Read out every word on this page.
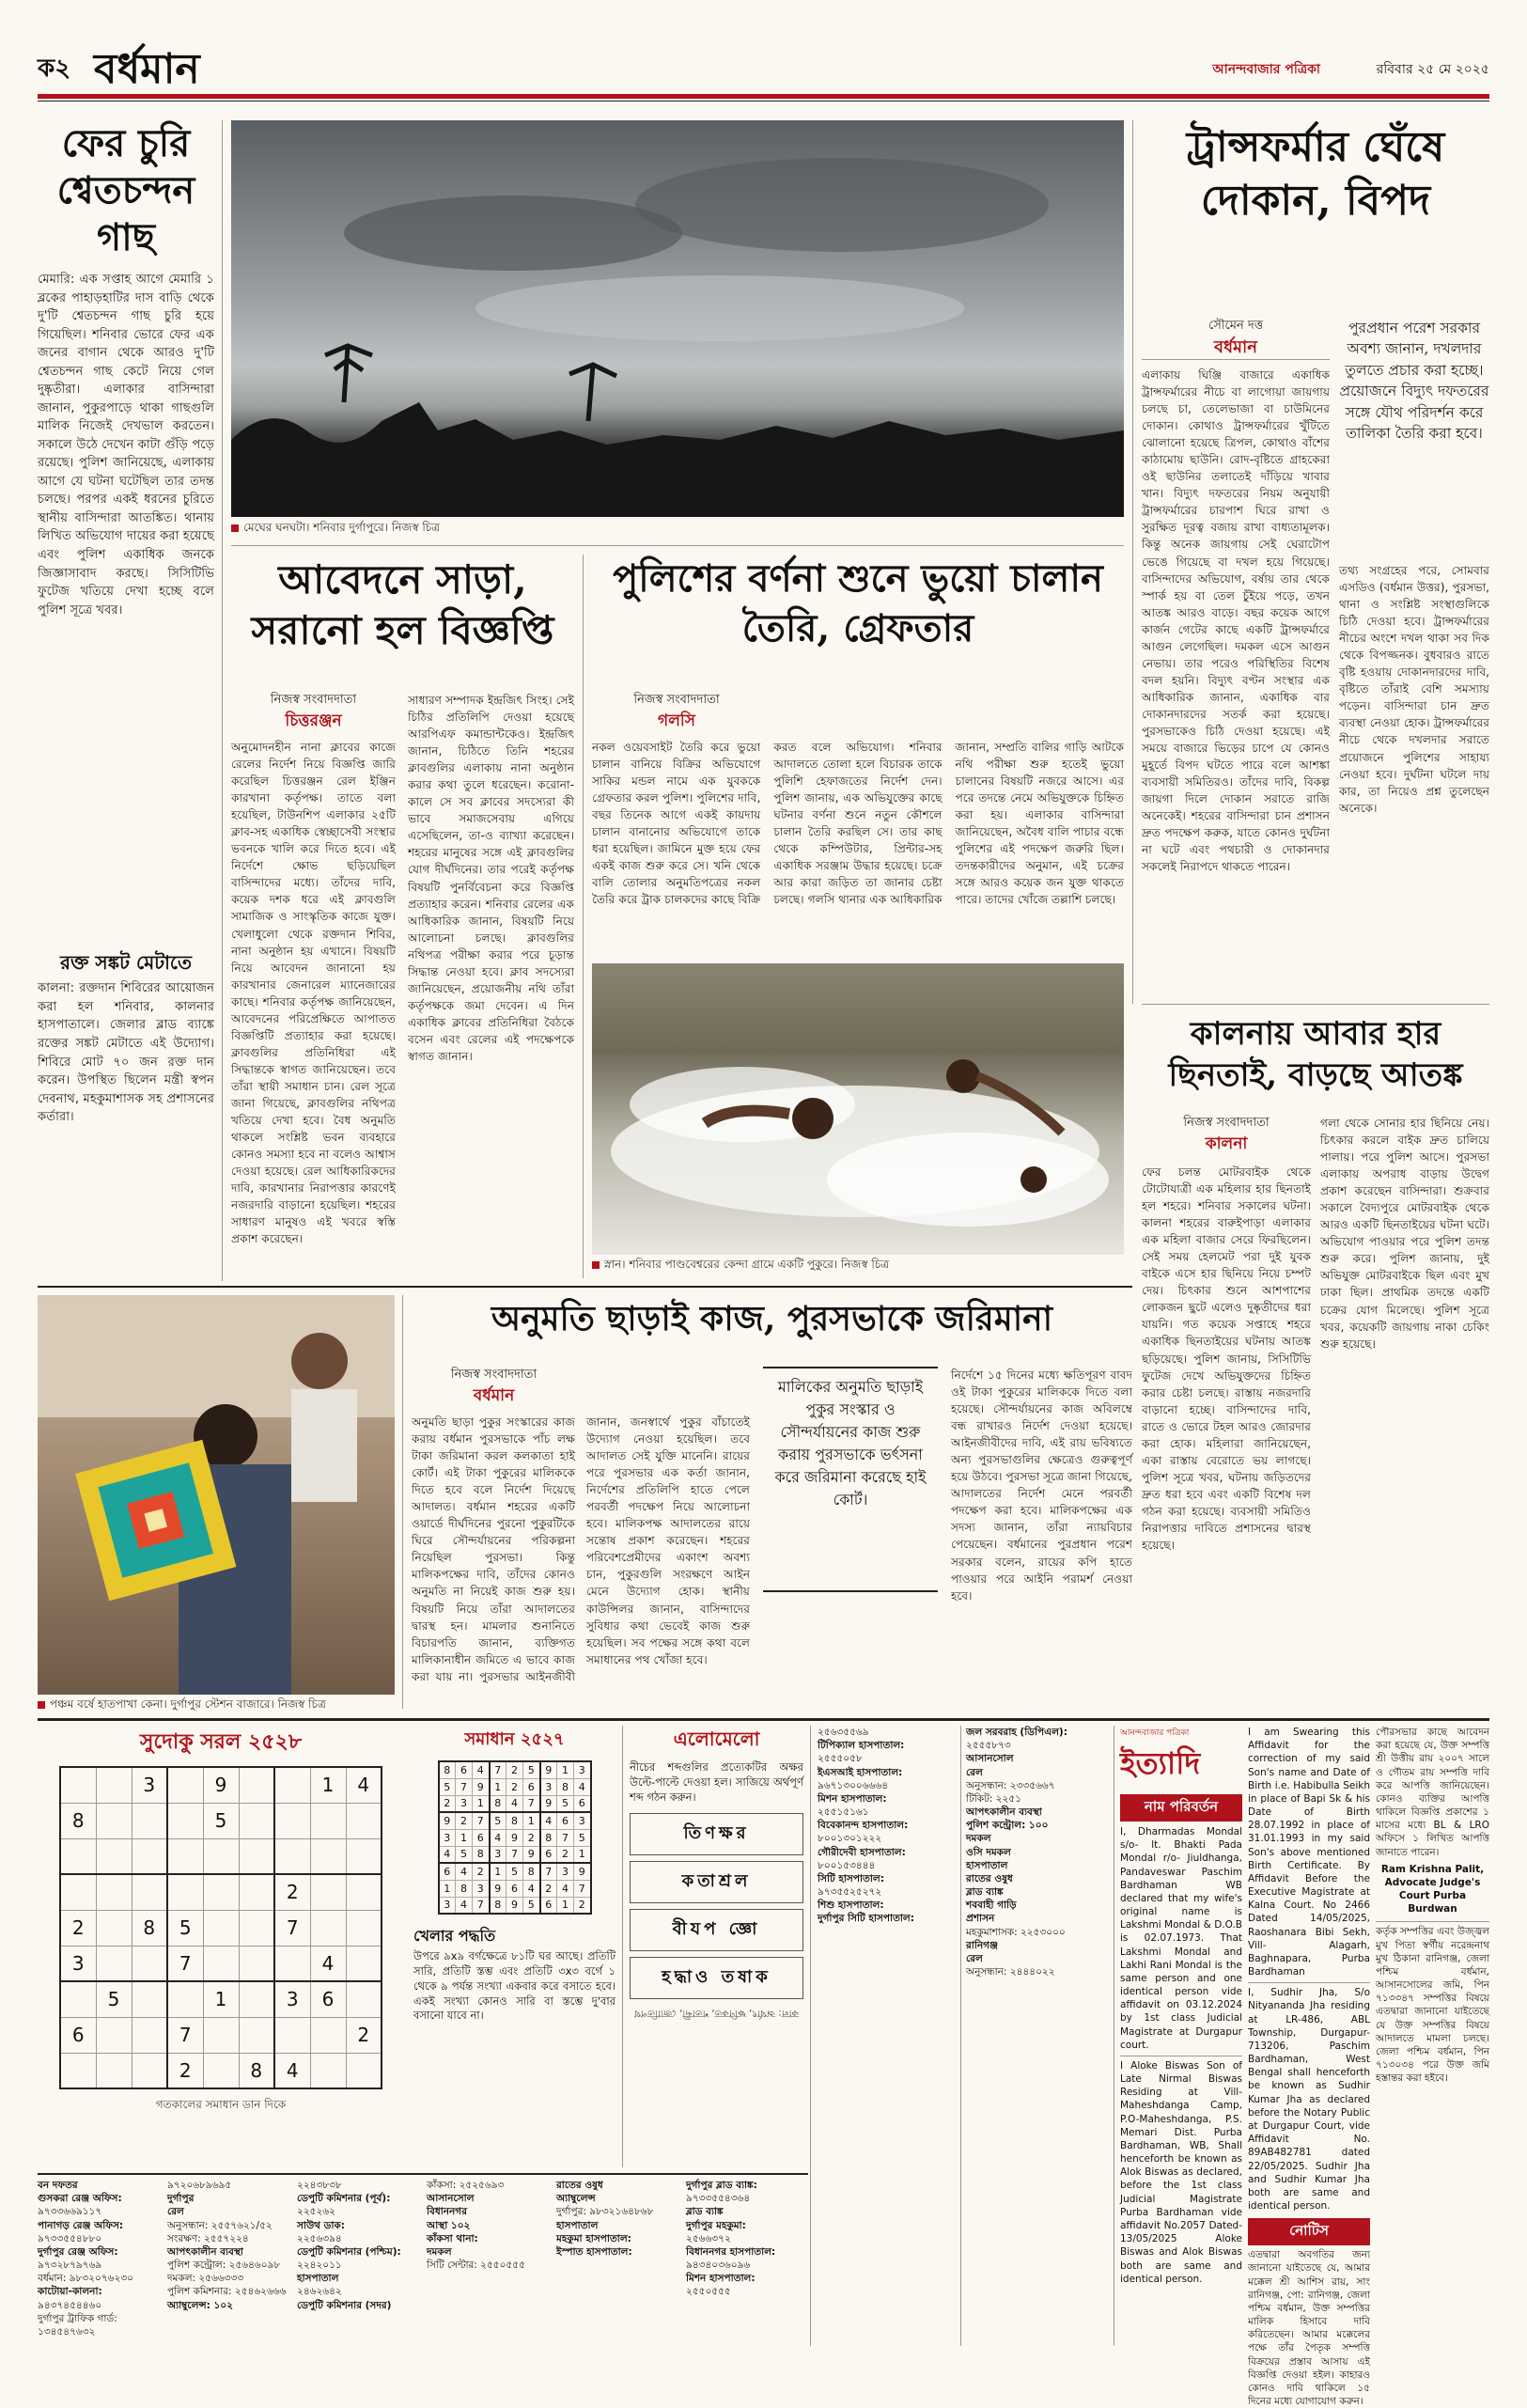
ক২ বর্ধমান	আনন্দবাজার পত্রিকা	রবিবার ২৫ মে ২০২৫
ফের চুরি শ্বেতচন্দন গাছ
মেমারি: এক সপ্তাহ আগে মেমারি ১ ব্লকের পাহাড়হাটির দাস বাড়ি থেকে দু'টি শ্বেতচন্দন গাছ চুরি হয়ে গিয়েছিল। শনিবার ভোরে ফের এক জনের বাগান থেকে আরও দু'টি শ্বেতচন্দন গাছ কেটে নিয়ে গেল দুষ্কৃতীরা। এলাকার বাসিন্দারা জানান, পুকুরপাড়ে থাকা গাছগুলি মালিক নিজেই দেখভাল করতেন। সকালে উঠে দেখেন কাটা গুঁড়ি পড়ে রয়েছে। পুলিশ জানিয়েছে, এলাকায় আগে যে ঘটনা ঘটেছিল তার তদন্ত চলছে। পরপর একই ধরনের চুরিতে স্থানীয় বাসিন্দারা আতঙ্কিত। থানায় লিখিত অভিযোগ দায়ের করা হয়েছে এবং পুলিশ একাধিক জনকে জিজ্ঞাসাবাদ করছে। সিসিটিভি ফুটেজ খতিয়ে দেখা হচ্ছে বলে পুলিশ সূত্রে খবর।
রক্ত সঙ্কট মেটাতে
কালনা: রক্তদান শিবিরের আয়োজন করা হল শনিবার, কালনার হাসপাতালে। জেলার ব্লাড ব্যাঙ্কে রক্তের সঙ্কট মেটাতে এই উদ্যোগ। শিবিরে মোট ৭০ জন রক্ত দান করেন। উপস্থিত ছিলেন মন্ত্রী স্বপন দেবনাথ, মহকুমাশাসক সহ প্রশাসনের কর্তারা।
মেঘের ঘনঘটা। শনিবার দুর্গাপুরে। নিজস্ব চিত্র
ট্রান্সফর্মার ঘেঁষে দোকান, বিপদ
সৌমেন দত্ত
বর্ধমান
পুরপ্রধান পরেশ সরকার অবশ্য জানান, দখলদার তুলতে প্রচার করা হচ্ছে। প্রয়োজনে বিদ্যুৎ দফতরের সঙ্গে যৌথ পরিদর্শন করে তালিকা তৈরি করা হবে।
এলাকায় ঘিঞ্জি বাজারে একাধিক ট্রান্সফর্মারের নীচে বা লাগোয়া জায়গায় চলছে চা, তেলেভাজা বা চাউমিনের দোকান। কোথাও ট্রান্সফর্মারের খুঁটিতে ঝোলানো হয়েছে ত্রিপল, কোথাও বাঁশের কাঠামোয় ছাউনি। রোদ-বৃষ্টিতে গ্রাহকেরা ওই ছাউনির তলাতেই দাঁড়িয়ে খাবার খান। বিদ্যুৎ দফতরের নিয়ম অনুযায়ী ট্রান্সফর্মারের চারপাশ ঘিরে রাখা ও সুরক্ষিত দূরত্ব বজায় রাখা বাধ্যতামূলক। কিন্তু অনেক জায়গায় সেই ঘেরাটোপ ভেঙে গিয়েছে বা দখল হয়ে গিয়েছে। বাসিন্দাদের অভিযোগ, বর্ষায় তার থেকে স্পার্ক হয় বা তেল চুঁইয়ে পড়ে, তখন আতঙ্ক আরও বাড়ে। বছর কয়েক আগে কার্জন গেটের কাছে একটি ট্রান্সফর্মারে আগুন লেগেছিল। দমকল এসে আগুন নেভায়। তার পরেও পরিস্থিতির বিশেষ বদল হয়নি। বিদ্যুৎ বণ্টন সংস্থার এক আধিকারিক জানান, একাধিক বার দোকানদারদের সতর্ক করা হয়েছে। পুরসভাকেও চিঠি দেওয়া হয়েছে। এই সময়ে বাজারে ভিড়ের চাপে যে কোনও মুহূর্তে বিপদ ঘটতে পারে বলে আশঙ্কা ব্যবসায়ী সমিতিরও। তাঁদের দাবি, বিকল্প জায়গা দিলে দোকান সরাতে রাজি অনেকেই। শহরের বাসিন্দারা চান প্রশাসন দ্রুত পদক্ষেপ করুক, যাতে কোনও দুর্ঘটনা না ঘটে এবং পথচারী ও দোকানদার সকলেই নিরাপদে থাকতে পারেন।
তথ্য সংগ্রহের পরে, সোমবার এসডিও (বর্ধমান উত্তর), পুরসভা, থানা ও সংশ্লিষ্ট সংস্থাগুলিকে চিঠি দেওয়া হবে। ট্রান্সফর্মারের নীচের অংশে দখল থাকা সব দিক থেকে বিপজ্জনক। বুধবারও রাতে বৃষ্টি হওয়ায় দোকানদারদের দাবি, বৃষ্টিতে তাঁরাই বেশি সমস্যায় পড়েন। বাসিন্দারা চান দ্রুত ব্যবস্থা নেওয়া হোক। ট্রান্সফর্মারের নীচে থেকে দখলদার সরাতে প্রয়োজনে পুলিশের সাহায্য নেওয়া হবে। দুর্ঘটনা ঘটলে দায় কার, তা নিয়েও প্রশ্ন তুলেছেন অনেকে।
আবেদনে সাড়া, সরানো হল বিজ্ঞপ্তি
নিজস্ব সংবাদদাতা
চিত্তরঞ্জন
অনুমোদনহীন নানা ক্লাবের কাজে রেলের নির্দেশ নিয়ে বিজ্ঞপ্তি জারি করেছিল চিত্তরঞ্জন রেল ইঞ্জিন কারখানা কর্তৃপক্ষ। তাতে বলা হয়েছিল, টাউনশিপ এলাকার ২৫টি ক্লাব-সহ একাধিক স্বেচ্ছাসেবী সংস্থার ভবনকে খালি করে দিতে হবে। এই নির্দেশে ক্ষোভ ছড়িয়েছিল বাসিন্দাদের মধ্যে। তাঁদের দাবি, কয়েক দশক ধরে এই ক্লাবগুলি সামাজিক ও সাংস্কৃতিক কাজে যুক্ত। খেলাধুলো থেকে রক্তদান শিবির, নানা অনুষ্ঠান হয় এখানে। বিষয়টি নিয়ে আবেদন জানানো হয় কারখানার জেনারেল ম্যানেজারের কাছে। শনিবার কর্তৃপক্ষ জানিয়েছেন, আবেদনের পরিপ্রেক্ষিতে আপাতত বিজ্ঞপ্তিটি প্রত্যাহার করা হয়েছে। ক্লাবগুলির প্রতিনিধিরা এই সিদ্ধান্তকে স্বাগত জানিয়েছেন। তবে তাঁরা স্থায়ী সমাধান চান। রেল সূত্রে জানা গিয়েছে, ক্লাবগুলির নথিপত্র খতিয়ে দেখা হবে। বৈধ অনুমতি থাকলে সংশ্লিষ্ট ভবন ব্যবহারে কোনও সমস্যা হবে না বলেও আশ্বাস দেওয়া হয়েছে। রেল আধিকারিকদের দাবি, কারখানার নিরাপত্তার কারণেই নজরদারি বাড়ানো হয়েছিল। শহরের সাধারণ মানুষও এই খবরে স্বস্তি প্রকাশ করেছেন।
সাধারণ সম্পাদক ইন্দ্রজিৎ সিংহ। সেই চিঠির প্রতিলিপি দেওয়া হয়েছে আরপিএফ কমান্ডান্টকেও। ইন্দ্রজিৎ জানান, চিঠিতে তিনি শহরের ক্লাবগুলির এলাকায় নানা অনুষ্ঠান করার কথা তুলে ধরেছেন। করোনা-কালে সে সব ক্লাবের সদস্যেরা কী ভাবে সমাজসেবায় এগিয়ে এসেছিলেন, তা-ও ব্যাখ্যা করেছেন। শহরের মানুষের সঙ্গে এই ক্লাবগুলির যোগ দীর্ঘদিনের। তার পরেই কর্তৃপক্ষ বিষয়টি পুনর্বিবেচনা করে বিজ্ঞপ্তি প্রত্যাহার করেন। শনিবার রেলের এক আধিকারিক জানান, বিষয়টি নিয়ে আলোচনা চলছে। ক্লাবগুলির নথিপত্র পরীক্ষা করার পরে চূড়ান্ত সিদ্ধান্ত নেওয়া হবে। ক্লাব সদস্যেরা জানিয়েছেন, প্রয়োজনীয় নথি তাঁরা কর্তৃপক্ষকে জমা দেবেন। এ দিন একাধিক ক্লাবের প্রতিনিধিরা বৈঠকে বসেন এবং রেলের এই পদক্ষেপকে স্বাগত জানান।
পুলিশের বর্ণনা শুনে ভুয়ো চালান তৈরি, গ্রেফতার
নিজস্ব সংবাদদাতা
গলসি
নকল ওয়েবসাইট তৈরি করে ভুয়ো চালান বানিয়ে বিক্রির অভিযোগে সাকির মন্ডল নামে এক যুবককে গ্রেফতার করল পুলিশ। পুলিশের দাবি, বছর তিনেক আগে একই কায়দায় চালান বানানোর অভিযোগে তাকে ধরা হয়েছিল। জামিনে মুক্ত হয়ে ফের একই কাজ শুরু করে সে। খনি থেকে বালি তোলার অনুমতিপত্রের নকল তৈরি করে ট্রাক চালকদের কাছে বিক্রি করত বলে অভিযোগ। শনিবার আদালতে তোলা হলে বিচারক তাকে পুলিশি হেফাজতের নির্দেশ দেন। পুলিশ জানায়, এক অভিযুক্তের কাছে ঘটনার বর্ণনা শুনে নতুন কৌশলে চালান তৈরি করছিল সে। তার কাছ থেকে কম্পিউটার, প্রিন্টার-সহ একাধিক সরঞ্জাম উদ্ধার হয়েছে। চক্রে আর কারা জড়িত তা জানার চেষ্টা চলছে। গলসি থানার এক আধিকারিক জানান, সম্প্রতি বালির গাড়ি আটকে নথি পরীক্ষা শুরু হতেই ভুয়ো চালানের বিষয়টি নজরে আসে। এর পরে তদন্তে নেমে অভিযুক্তকে চিহ্নিত করা হয়। এলাকার বাসিন্দারা জানিয়েছেন, অবৈধ বালি পাচার বন্ধে পুলিশের এই পদক্ষেপ জরুরি ছিল। তদন্তকারীদের অনুমান, এই চক্রের সঙ্গে আরও কয়েক জন যুক্ত থাকতে পারে। তাদের খোঁজে তল্লাশি চলছে।
স্নান। শনিবার পাণ্ডবেশ্বরের কেন্দা গ্রামে একটি পুকুরে। নিজস্ব চিত্র
কালনায় আবার হার ছিনতাই, বাড়ছে আতঙ্ক
নিজস্ব সংবাদদাতা
কালনা
ফের চলন্ত মোটরবাইক থেকে টোটোযাত্রী এক মহিলার হার ছিনতাই হল শহরে। শনিবার সকালের ঘটনা। কালনা শহরের বারুইপাড়া এলাকার এক মহিলা বাজার সেরে ফিরছিলেন। সেই সময় হেলমেট পরা দুই যুবক বাইকে এসে হার ছিনিয়ে নিয়ে চম্পট দেয়। চিৎকার শুনে আশপাশের লোকজন ছুটে এলেও দুষ্কৃতীদের ধরা যায়নি। গত কয়েক সপ্তাহে শহরে একাধিক ছিনতাইয়ের ঘটনায় আতঙ্ক ছড়িয়েছে। পুলিশ জানায়, সিসিটিভি ফুটেজ দেখে অভিযুক্তদের চিহ্নিত করার চেষ্টা চলছে। রাস্তায় নজরদারি বাড়ানো হচ্ছে। বাসিন্দাদের দাবি, রাতে ও ভোরে টহল আরও জোরদার করা হোক। মহিলারা জানিয়েছেন, একা রাস্তায় বেরোতে ভয় লাগছে। পুলিশ সূত্রে খবর, ঘটনায় জড়িতদের দ্রুত ধরা হবে এবং একটি বিশেষ দল গঠন করা হয়েছে। ব্যবসায়ী সমিতিও নিরাপত্তার দাবিতে প্রশাসনের দ্বারস্থ হয়েছে।
গলা থেকে সোনার হার ছিনিয়ে নেয়। চিৎকার করলে বাইক দ্রুত চালিয়ে পালায়। পরে পুলিশ আসে। পুরসভা এলাকায় অপরাধ বাড়ায় উদ্বেগ প্রকাশ করেছেন বাসিন্দারা। শুক্রবার সকালে বৈদ্যপুরে মোটরবাইক থেকে আরও একটি ছিনতাইয়ের ঘটনা ঘটে। অভিযোগ পাওয়ার পরে পুলিশ তদন্ত শুরু করে। পুলিশ জানায়, দুই অভিযুক্ত মোটরবাইকে ছিল এবং মুখ ঢাকা ছিল। প্রাথমিক তদন্তে একটি চক্রের যোগ মিলেছে। পুলিশ সূত্রে খবর, কয়েকটি জায়গায় নাকা চেকিং শুরু হয়েছে।
পঞ্চম বর্ষে হাতপাখা কেনা। দুর্গাপুর স্টেশন বাজারে। নিজস্ব চিত্র
অনুমতি ছাড়াই কাজ, পুরসভাকে জরিমানা
নিজস্ব সংবাদদাতা
বর্ধমান	মালিকের অনুমতি ছাড়াই পুকুর সংস্কার ও সৌন্দর্যায়নের কাজ শুরু করায় পুরসভাকে ভর্ৎসনা করে জরিমানা করেছে হাই কোর্ট।
অনুমতি ছাড়া পুকুর সংস্কারের কাজ করায় বর্ধমান পুরসভাকে পাঁচ লক্ষ টাকা জরিমানা করল কলকাতা হাই কোর্ট। এই টাকা পুকুরের মালিককে দিতে হবে বলে নির্দেশ দিয়েছে আদালত। বর্ধমান শহরের একটি ওয়ার্ডে দীর্ঘদিনের পুরনো পুকুরটিকে ঘিরে সৌন্দর্যায়নের পরিকল্পনা নিয়েছিল পুরসভা। কিন্তু মালিকপক্ষের দাবি, তাঁদের কোনও অনুমতি না নিয়েই কাজ শুরু হয়। বিষয়টি নিয়ে তাঁরা আদালতের দ্বারস্থ হন। মামলার শুনানিতে বিচারপতি জানান, ব্যক্তিগত মালিকানাধীন জমিতে এ ভাবে কাজ করা যায় না। পুরসভার আইনজীবী জানান, জনস্বার্থে পুকুর বাঁচাতেই উদ্যোগ নেওয়া হয়েছিল। তবে আদালত সেই যুক্তি মানেনি। রায়ের পরে পুরসভার এক কর্তা জানান, নির্দেশের প্রতিলিপি হাতে পেলে পরবর্তী পদক্ষেপ নিয়ে আলোচনা হবে। মালিকপক্ষ আদালতের রায়ে সন্তোষ প্রকাশ করেছেন। শহরের পরিবেশপ্রেমীদের একাংশ অবশ্য চান, পুকুরগুলি সংরক্ষণে আইন মেনে উদ্যোগ হোক। স্থানীয় কাউন্সিলর জানান, বাসিন্দাদের সুবিধার কথা ভেবেই কাজ শুরু হয়েছিল। সব পক্ষের সঙ্গে কথা বলে সমাধানের পথ খোঁজা হবে।
নির্দেশে ১৫ দিনের মধ্যে ক্ষতিপূরণ বাবদ ওই টাকা পুকুরের মালিককে দিতে বলা হয়েছে। সৌন্দর্যায়নের কাজ অবিলম্বে বন্ধ রাখারও নির্দেশ দেওয়া হয়েছে। আইনজীবীদের দাবি, এই রায় ভবিষ্যতে অন্য পুরসভাগুলির ক্ষেত্রেও গুরুত্বপূর্ণ হয়ে উঠবে। পুরসভা সূত্রে জানা গিয়েছে, আদালতের নির্দেশ মেনে পরবর্তী পদক্ষেপ করা হবে। মালিকপক্ষের এক সদস্য জানান, তাঁরা ন্যায়বিচার পেয়েছেন। বর্ধমানের পুরপ্রধান পরেশ সরকার বলেন, রায়ের কপি হাতে পাওয়ার পরে আইনি পরামর্শ নেওয়া হবে।
সুদোকু সরল ২৫২৮
		3		9			1	4
8				5				

						2		
2		8	5			7		
3			7				4	
	5			1		3	6	
6			7					2
			2		8	4		
গতকালের সমাধান ডান দিকে
সমাধান ২৫২৭
8	6	4	7	2	5	9	1	3
5	7	9	1	2	6	3	8	4
2	3	1	8	4	7	9	5	6
9	2	7	5	8	1	4	6	3
3	1	6	4	9	2	8	7	5
4	5	8	3	7	9	6	2	1
6	4	2	1	5	8	7	3	9
1	8	3	9	6	4	2	4	7
3	4	7	8	9	5	6	1	2
খেলার পদ্ধতি
উপরে ৯x৯ বর্গক্ষেত্রে ৮১টি ঘর আছে। প্রতিটি সারি, প্রতিটি স্তম্ভ এবং প্রতিটি ৩x৩ বর্গে ১ থেকে ৯ পর্যন্ত সংখ্যা একবার করে বসাতে হবে। একই সংখ্যা কোনও সারি বা স্তম্ভে দু'বার বসানো যাবে না।
এলোমেলো
নীচের শব্দগুলির প্রত্যেকটির অক্ষর উল্টে-পাল্টে দেওয়া হল। সাজিয়ে অর্থপূর্ণ শব্দ গঠন করুন।
তিণক্ষর
কতাশ্রল
বীযপ জ্ঞো
হদ্ধাও তষাক
কাল: অর্থাৎ, ক্ষণিকত, শতাব্দী, জ্যোতিপথ
বন দফতর
গুসকরা রেঞ্জ অফিস:
৯৭৩৩৬৬৯১১৭
পানাগড় রেঞ্জ অফিস:
৯৭৩৩৫৫৪৮৮০
দুর্গাপুর রেঞ্জ অফিস:
৯৭৩২৮৭৯৭৬৯
বর্ধমান: ৯৮৩২০৭৬২৩০
কাটোয়া-কালনা:
৯৪৩৭৪৫৪৪৬০
দুর্গাপুর ট্রাফিক গার্ড: ১৩৪৫৪৭৬৩২
৯৭২০৬৮৯৬৯৫
দুর্গাপুর
রেল
অনুসন্ধান: ২৫৫৭৬২১/৫২
সংরক্ষণ: ২৫৫৭২২৪
আপৎকালীন ব্যবস্থা
পুলিশ কন্ট্রোল: ২৫৬৪৬০৯৮
দমকল: ২৫৬৬৩৩৩
পুলিশ কমিশনার: ২৫৪৬২৬৬৬
অ্যাম্বুলেন্স: ১০২
২২৪৩৮৩৮
ডেপুটি কমিশনার (পূর্ব):
২২৫২৬২
সাউথ ডাক:
২২৫৬৩৯৪
ডেপুটি কমিশনার (পশ্চিম):
২২৪২০১১
হাসপাতাল
২৪৬২৬৪২
ডেপুটি কমিশনার (সদর)
কাঁকসা: ২৫২৫৬৯৩
আসানসোল
বিধাননগর
আস্থা ১০২
কাঁকসা থানা:
দমকল
সিটি সেন্টার: ২৫৫০৫৫৫
রাতের ওষুধ
অ্যাম্বুলেন্স
দুর্গাপুর: ৯৮৩২১৬৪৮৬৮
হাসপাতাল
মহকুমা হাসপাতাল:
ইস্পাত হাসপাতাল:
দুর্গাপুর ব্লাড ব্যাঙ্ক:
৯৭৩৩৫৫৪৩৬৪
ব্লাড ব্যাঙ্ক
দুর্গাপুর মহকুমা:
২৫৬৬৩৭২
বিধাননগর হাসপাতাল:
৯৪৩৪০৩৬০৯৬
মিশন হাসপাতাল:
২৫৫০৫৫৫
২৫৬৩৫৫৬৯
টিপিক্যাল হাসপাতাল:
২৫৫৫০৫৮
ইএসআই হাসপাতাল:
৯৬৭১৩০০৬৬৬৪
মিশন হাসপাতাল:
২৫৫১৫১৬১
বিবেকানন্দ হাসপাতাল:
৮০০১৩০১২২২
গৌরীদেবী হাসপাতাল:
৮০০১৫৩৪৪৪
সিটি হাসপাতাল:
৯৭৩৫৫২৫২৭২
শিশু হাসপাতাল:
দুর্গাপুর সিটি হাসপাতাল:
জল সরবরাহ (ডিপিএল):
২৫৫৫৮৭৩
আসানসোল
রেল
অনুসন্ধান: ২৩৩৫৬৬৭
টিকিট: ২২৫১
আপৎকালীন ব্যবস্থা
পুলিশ কন্ট্রোল: ১০০
দমকল
ওসি দমকল
হাসপাতাল
রাতের ওষুধ
ব্লাড ব্যাঙ্ক
শববাহী গাড়ি
প্রশাসন
মহকুমাশাসক: ২২৫৩০০০
রানিগঞ্জ
রেল
অনুসন্ধান: ২৪৪৪০২২
আনন্দবাজার পত্রিকা
ইত্যাদি
নাম পরিবর্তন
I, Dharmadas Mondal s/o- lt. Bhakti Pada Mondal r/o- Jiuldhanga, Pandaveswar Paschim Bardhaman WB declared that my wife's original name is Lakshmi Mondal & D.O.B is 02.07.1973. That Lakshmi Mondal and Lakhi Rani Mondal is the same person and one identical person vide affidavit on 03.12.2024 by 1st class Judicial Magistrate at Durgapur court.
I Aloke Biswas Son of Late Nirmal Biswas Residing at Vill- Maheshdanga Camp, P.O-Maheshdanga, P.S. Memari Dist. Purba Bardhaman, WB, Shall henceforth be known as Alok Biswas as declared, before the 1st class Judicial Magistrate Purba Bardhaman vide affidavit No.2057 Dated-13/05/2025 Aloke Biswas and Alok Biswas both are same and identical person.
I am Swearing this Affidavit for the correction of my said Son's name and Date of Birth i.e. Habibulla Seikh in place of Bapi Sk & his Date of Birth 28.07.1992 in place of 31.01.1993 in my said Son's above mentioned Birth Certificate. By Affidavit Before the Executive Magistrate at Kalna Court. No 2466 Dated 14/05/2025, Raoshanara Bibi Sekh, Vill- Alagarh, Baghnapara, Purba Bardhaman
I, Sudhir Jha, S/o Nityananda Jha residing at LR-486, ABL Township, Durgapur-713206, Paschim Bardhaman, West Bengal shall henceforth be known as Sudhir Kumar Jha as declared before the Notary Public at Durgapur Court, vide Affidavit No. 89AB482781 dated 22/05/2025. Sudhir Jha and Sudhir Kumar Jha both are same and identical person.
নোটিস
এতদ্বারা অবগতির জন্য জানানো যাইতেছে যে, আমার মক্কেল শ্রী আশিস রায়, সাং রানিগঞ্জ, পো: রানিগঞ্জ, জেলা পশ্চিম বর্ধমান, উক্ত সম্পত্তির মালিক হিসাবে দাবি করিতেছেন। আমার মক্কেলের পক্ষে তাঁর পৈতৃক সম্পত্তি বিক্রয়ের প্রস্তাব আসায় এই বিজ্ঞপ্তি দেওয়া হইল। কাহারও কোনও দাবি থাকিলে ১৫ দিনের মধ্যে যোগাযোগ করুন।
পৌরসভার কাছে আবেদন করা হয়েছে যে, উক্ত সম্পত্তি শ্রী উত্তীয় রায় ২০০৭ সালে ও গৌতম রায় সম্পত্তি দাবি করে আপত্তি জানিয়েছেন। কোনও ব্যক্তির আপত্তি থাকিলে বিজ্ঞপ্তি প্রকাশের ১ মাসের মধ্যে BL & LRO অফিসে ১ লিখিত আপত্তি জানাতে পারেন।
Ram Krishna Palit, Advocate Judge's Court Purba Burdwan
কর্তৃক সম্পত্তির এবং উজ্জ্বল মুখ পিতা স্বর্গীয় নরেন্দ্রনাথ মুখ ঠিকানা রানিগঞ্জ, জেলা পশ্চিম বর্ধমান, আসানসোলের জমি, পিন ৭১৩৩৪৭ সম্পত্তির বিষয়ে এতদ্বারা জানানো যাইতেছে যে উক্ত সম্পত্তির বিষয়ে আদালতে মামলা চলছে। জেলা পশ্চিম বর্ধমান, পিন ৭১৩০৩৪ পরে উক্ত জমি হস্তান্তর করা হইবে।
